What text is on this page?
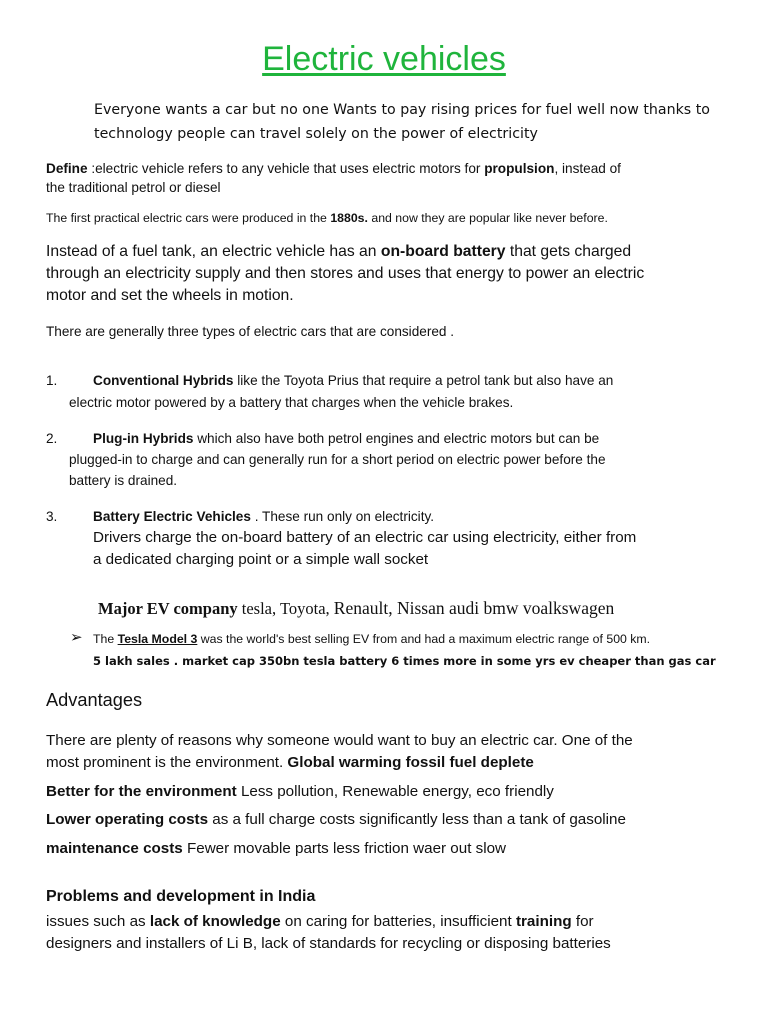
Electric vehicles
Everyone wants a car but no one Wants to pay rising prices for fuel well now thanks to
technology people can travel solely on the power of electricity
Define :electric vehicle refers to any vehicle that uses electric motors for propulsion, instead of
the traditional petrol or diesel
The first practical electric cars were produced in the 1880s. and now they are popular like never before.
Instead of a fuel tank, an electric vehicle has an on-board battery that gets charged
through an electricity supply and then stores and uses that energy to power an electric
motor and set the wheels in motion.
There are generally three types of electric cars that are considered .
1.	Conventional Hybrids like the Toyota Prius that require a petrol tank but also have an
electric motor powered by a battery that charges when the vehicle brakes.
2.	Plug-in Hybrids which also have both petrol engines and electric motors but can be
plugged-in to charge and can generally run for a short period on electric power before the
battery is drained.
3.	Battery Electric Vehicles . These run only on electricity.
Drivers charge the on-board battery of an electric car using electricity, either from
a dedicated charging point or a simple wall socket
Major EV company tesla, Toyota, Renault, Nissan audi bmw voalkswagen
➢ The Tesla Model 3 was the world's best selling EV from and had a maximum electric range of 500 km.
5 lakh sales . market cap 350bn tesla battery 6 times more in some yrs ev cheaper than gas car
Advantages
There are plenty of reasons why someone would want to buy an electric car. One of the
most prominent is the environment. Global warming fossil fuel deplete
Better for the environment Less pollution, Renewable energy, eco friendly
Lower operating costs as a full charge costs significantly less than a tank of gasoline
maintenance costs Fewer movable parts less friction waer out slow
Problems and development in India
issues such as lack of knowledge on caring for batteries, insufficient training for
designers and installers of Li B, lack of standards for recycling or disposing batteries
